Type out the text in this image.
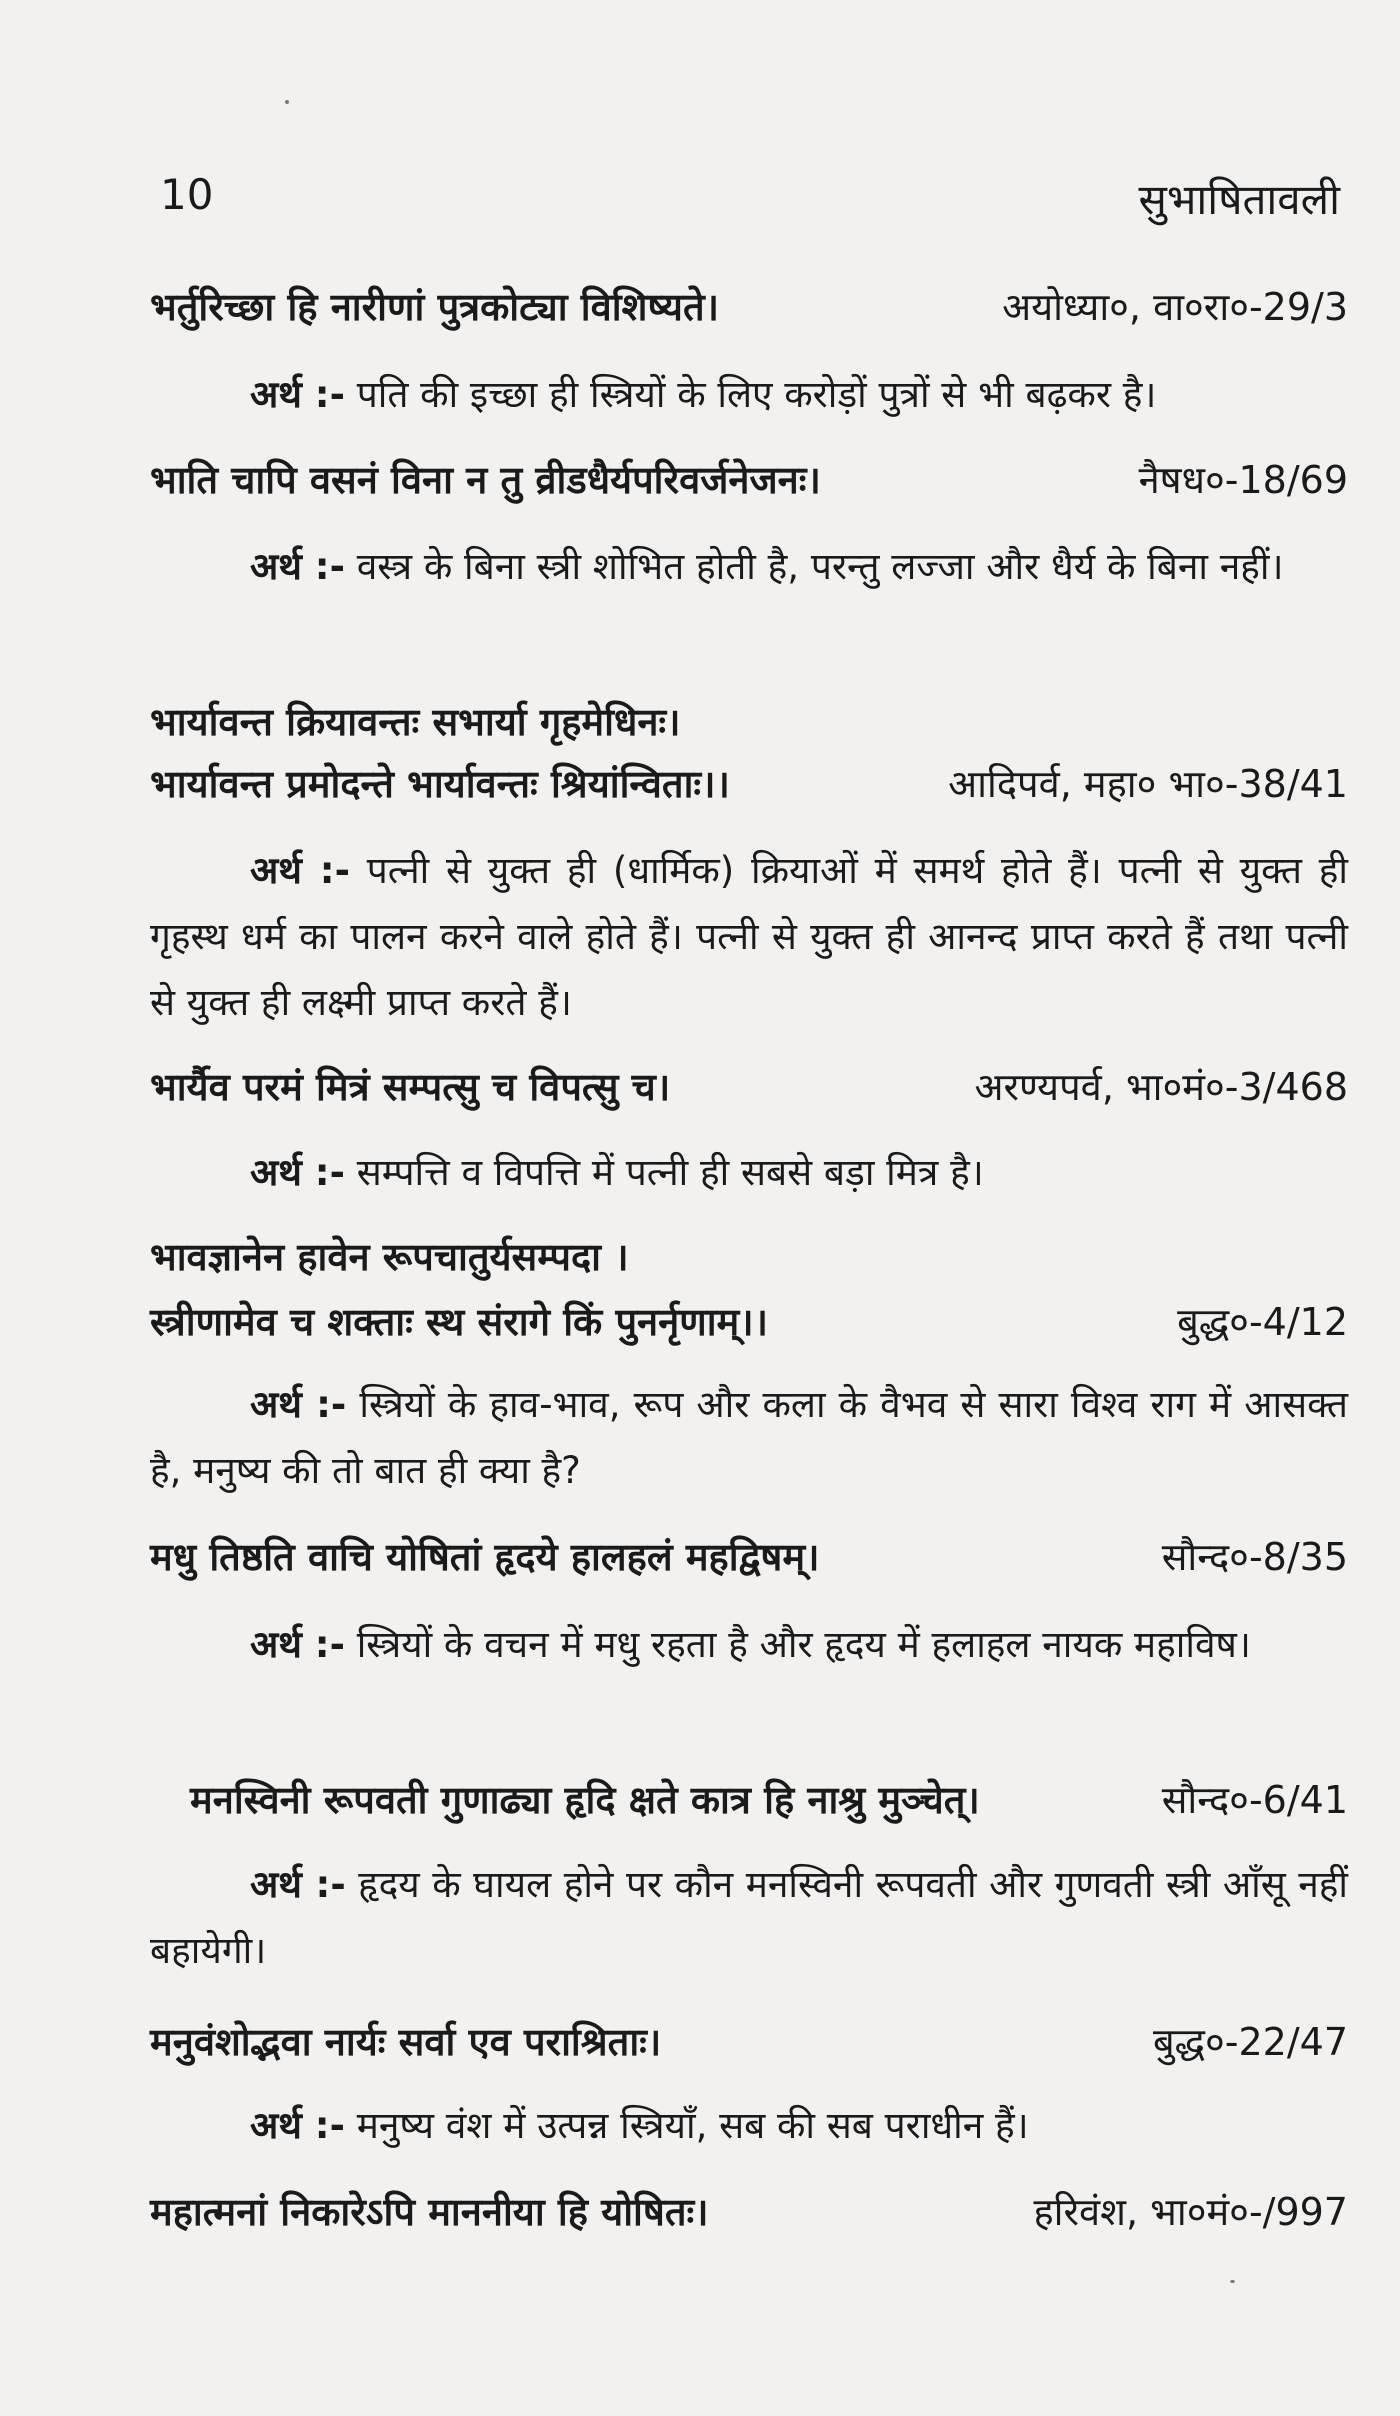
10	सुभाषितावली
भर्तुरिच्छा हि नारीणां पुत्रकोट्या विशिष्यते।	अयोध्या०, वा०रा०-29/3
अर्थ :- पति की इच्छा ही स्त्रियों के लिए करोड़ों पुत्रों से भी बढ़कर है।
भाति चापि वसनं विना न तु व्रीडधैर्यपरिवर्जनेजनः।	नैषध०-18/69
अर्थ :- वस्त्र के बिना स्त्री शोभित होती है, परन्तु लज्जा और धैर्य के बिना नहीं।
भार्यावन्त क्रियावन्तः सभार्या गृहमेधिनः।
भार्यावन्त प्रमोदन्ते भार्यावन्तः श्रियांन्विताः।।	आदिपर्व, महा० भा०-38/41
अर्थ :- पत्नी से युक्त ही (धार्मिक) क्रियाओं में समर्थ होते हैं। पत्नी से युक्त ही गृहस्थ धर्म का पालन करने वाले होते हैं। पत्नी से युक्त ही आनन्द प्राप्त करते हैं तथा पत्नी से युक्त ही लक्ष्मी प्राप्त करते हैं।
भार्यैव परमं मित्रं सम्पत्सु च विपत्सु च।	अरण्यपर्व, भा०मं०-3/468
अर्थ :- सम्पत्ति व विपत्ति में पत्नी ही सबसे बड़ा मित्र है।
भावज्ञानेन हावेन रूपचातुर्यसम्पदा ।
स्त्रीणामेव च शक्ताः स्थ संरागे किं पुनर्नृणाम्।।	बुद्ध०-4/12
अर्थ :- स्त्रियों के हाव-भाव, रूप और कला के वैभव से सारा विश्व राग में आसक्त है, मनुष्य की तो बात ही क्या है?
मधु तिष्ठति वाचि योषितां हृदये हालहलं महद्विषम्।	सौन्द०-8/35
अर्थ :- स्त्रियों के वचन में मधु रहता है और हृदय में हलाहल नायक महाविष।
मनस्विनी रूपवती गुणाढ्या हृदि क्षते कात्र हि नाश्रु मुञ्चेत्।	सौन्द०-6/41
अर्थ :- हृदय के घायल होने पर कौन मनस्विनी रूपवती और गुणवती स्त्री आँसू नहीं बहायेगी।
मनुवंशोद्भवा नार्यः सर्वा एव पराश्रिताः।	बुद्ध०-22/47
अर्थ :- मनुष्य वंश में उत्पन्न स्त्रियाँ, सब की सब पराधीन हैं।
महात्मनां निकारेऽपि माननीया हि योषितः।	हरिवंश, भा०मं०-/997
